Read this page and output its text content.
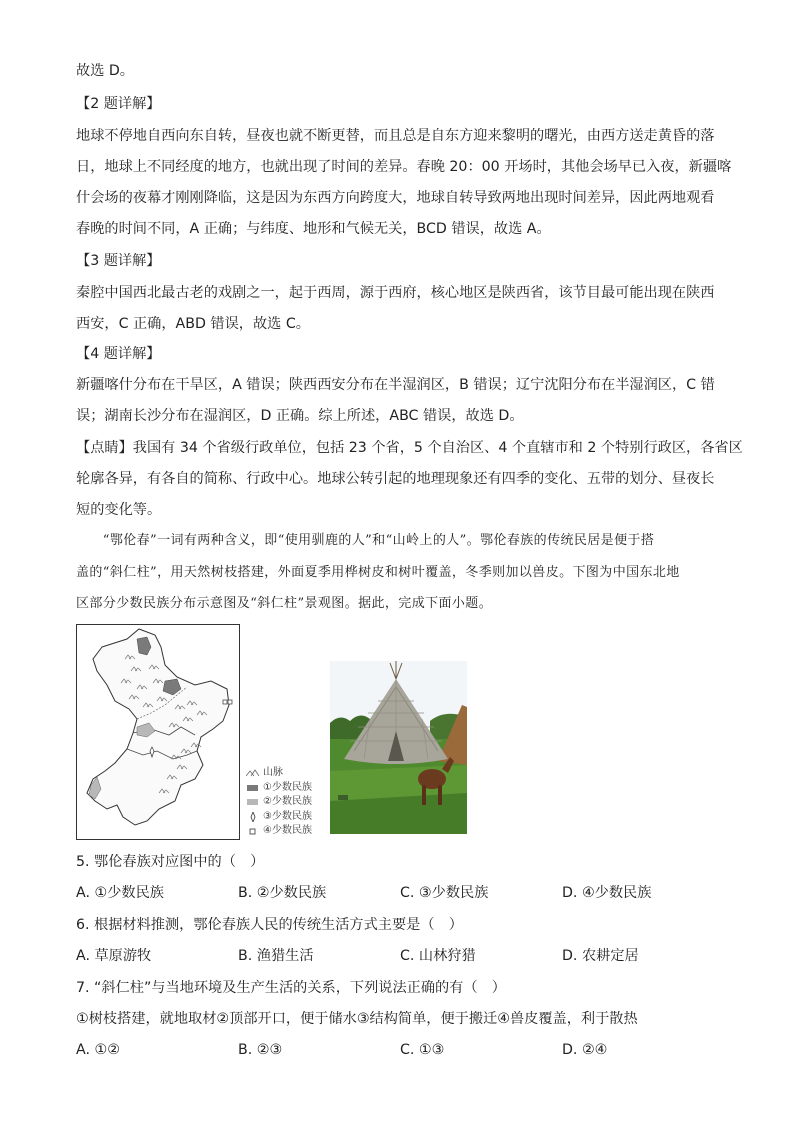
故选 D。
【2 题详解】
地球不停地自西向东自转，昼夜也就不断更替，而且总是自东方迎来黎明的曙光，由西方送走黄昏的落
日，地球上不同经度的地方，也就出现了时间的差异。春晚 20：00 开场时，其他会场早已入夜，新疆喀
什会场的夜幕才刚刚降临，这是因为东西方向跨度大，地球自转导致两地出现时间差异，因此两地观看
春晚的时间不同，A 正确；与纬度、地形和气候无关，BCD 错误，故选 A。
【3 题详解】
秦腔中国西北最古老的戏剧之一，起于西周，源于西府，核心地区是陕西省，该节目最可能出现在陕西
西安，C 正确，ABD 错误，故选 C。
【4 题详解】
新疆喀什分布在干旱区，A 错误；陕西西安分布在半湿润区，B 错误；辽宁沈阳分布在半湿润区，C 错
误；湖南长沙分布在湿润区，D 正确。综上所述，ABC 错误，故选 D。
【点睛】我国有 34 个省级行政单位，包括 23 个省，5 个自治区、4 个直辖市和 2 个特别行政区，各省区
轮廓各异，有各自的简称、行政中心。地球公转引起的地理现象还有四季的变化、五带的划分、昼夜长
短的变化等。
　　“鄂伦春”一词有两种含义，即“使用驯鹿的人”和“山岭上的人”。鄂伦春族的传统民居是便于搭
盖的“斜仁柱”，用天然树枝搭建，外面夏季用桦树皮和树叶覆盖，冬季则加以兽皮。下图为中国东北地
区部分少数民族分布示意图及“斜仁柱”景观图。据此，完成下面小题。
山脉
①少数民族
②少数民族
③少数民族
④少数民族
5. 鄂伦春族对应图中的（　）
A. ①少数民族	B. ②少数民族	C. ③少数民族	D. ④少数民族
6. 根据材料推测，鄂伦春族人民的传统生活方式主要是（　）
A. 草原游牧	B. 渔猎生活	C. 山林狩猎	D. 农耕定居
7. “斜仁柱”与当地环境及生产生活的关系，下列说法正确的有（　）
①树枝搭建，就地取材②顶部开口，便于储水③结构简单，便于搬迁④兽皮覆盖，利于散热
A. ①②	B. ②③	C. ①③	D. ②④
